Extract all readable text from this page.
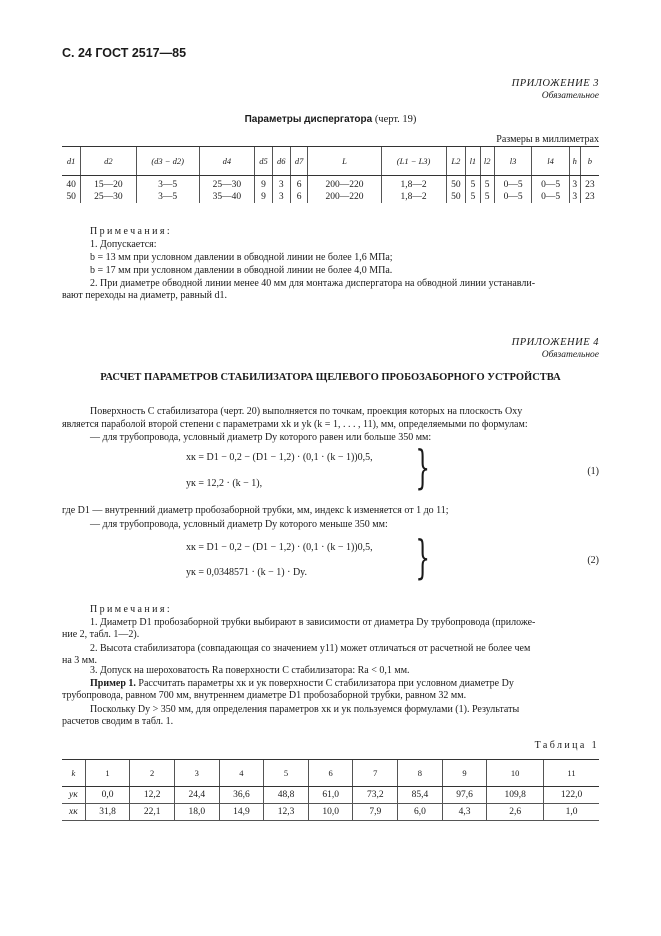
С. 24 ГОСТ 2517—85
ПРИЛОЖЕНИЕ 3
Обязательное
Параметры диспергатора (черт. 19)
Размеры в миллиметрах
d1	d2	(d3 − d2)	d4	d5	d6	d7	L	(L1 − L3)	L2	l1	l2	l3	l4	h	b
40	15—20	3—5	25—30	9	3	6	200—220	1,8—2	50	5	5	0—5	0—5	3	23
50	25—30	3—5	35—40	9	3	6	200—220	1,8—2	50	5	5	0—5	0—5	3	23
Примечания:
1. Допускается:
b = 13 мм при условном давлении в обводной линии не более 1,6 МПа;
b = 17 мм при условном давлении в обводной линии не более 4,0 МПа.
2. При диаметре обводной линии менее 40 мм для монтажа диспергатора на обводной линии устанавли-
вают переходы на диаметр, равный d1.
ПРИЛОЖЕНИЕ 4
Обязательное
РАСЧЕТ ПАРАМЕТРОВ СТАБИЛИЗАТОРА ЩЕЛЕВОГО ПРОБОЗАБОРНОГО УСТРОЙСТВА
Поверхность C стабилизатора (черт. 20) выполняется по точкам, проекция которых на плоскость Oxy
является параболой второй степени с параметрами xk и yk (k = 1, . . . , 11), мм, определяемыми по формулам:
— для трубопровода, условный диаметр Dy которого равен или больше 350 мм:
xк = D1 − 0,2 − (D1 − 1,2) · (0,1 · (k − 1))0,5,
yк = 12,2 · (k − 1),	}	(1)
где D1 — внутренний диаметр пробозаборной трубки, мм, индекс k изменяется от 1 до 11;
— для трубопровода, условный диаметр Dy которого меньше 350 мм:
xк = D1 − 0,2 − (D1 − 1,2) · (0,1 · (k − 1))0,5,
yк = 0,0348571 · (k − 1) · Dy. }	(2)
Примечания:
1. Диаметр D1 пробозаборной трубки выбирают в зависимости от диаметра Dy трубопровода (приложе-
ние 2, табл. 1—2).
2. Высота стабилизатора (совпадающая со значением y11) может отличаться от расчетной не более чем
на 3 мм.
3. Допуск на шероховатость Ra поверхности C стабилизатора: Ra < 0,1 мм.
Пример 1. Рассчитать параметры xк и yк поверхности C стабилизатора при условном диаметре Dy
трубопровода, равном 700 мм, внутреннем диаметре D1 пробозаборной трубки, равном 32 мм.
Поскольку Dy > 350 мм, для определения параметров xк и yк пользуемся формулами (1). Результаты
расчетов сводим в табл. 1.
Таблица 1
k	1	2	3	4	5	6	7	8	9	10	11
yк	0,0	12,2	24,4	36,6	48,8	61,0	73,2	85,4	97,6	109,8	122,0
xк	31,8	22,1	18,0	14,9	12,3	10,0	7,9	6,0	4,3	2,6	1,0
